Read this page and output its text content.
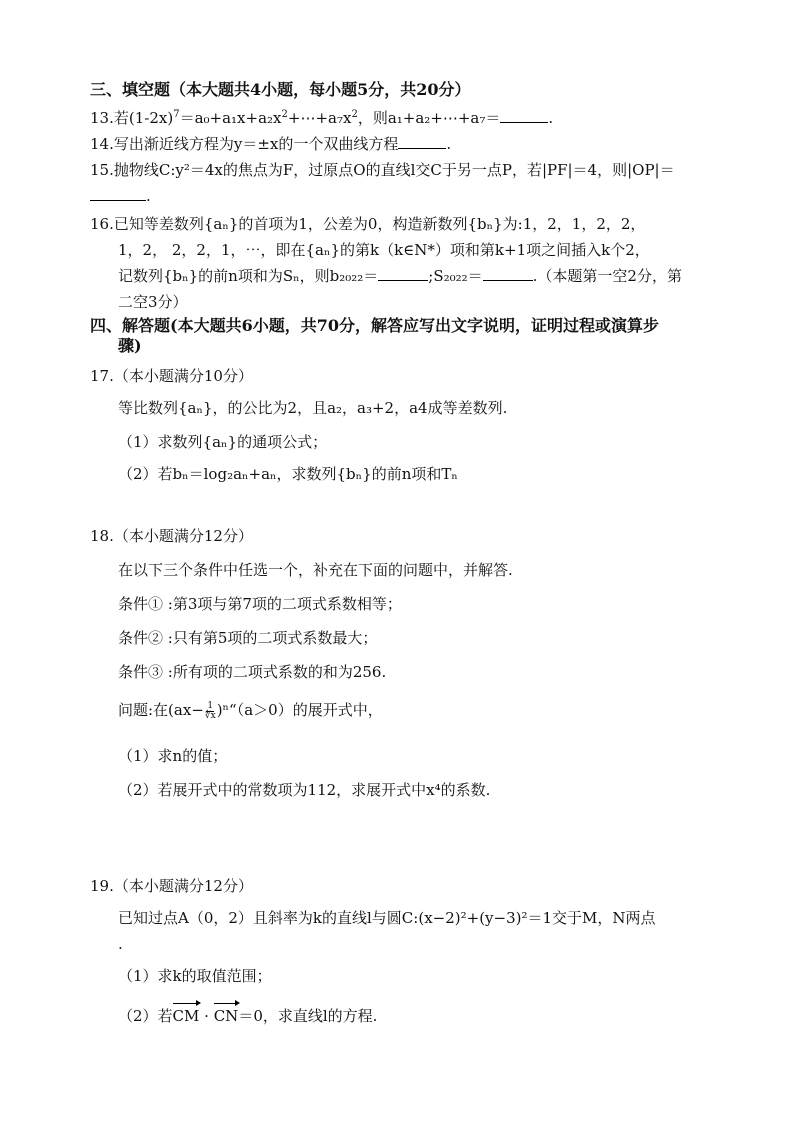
三、填空题（本大题共4小题，每小题5分，共20分）
13.若$(1-2x)^7=a_0+a_1x+a_2x^2+\cdots+a_7x^2$，则a₁+a₂+⋯+a₇＝	.
14.写出渐近线方程为y＝±x的一个双曲线方程	.
15.抛物线C:y²＝4x的焦点为F，过原点O的直线l交C于另一点P，若|PF|＝4，则|OP|＝
.
16.已知等差数列{aₙ}的首项为1，公差为0，构造新数列{bₙ}为:1，2，1，2，2，
1，2， 2，2，1，⋯，即在{aₙ}的第k（k∈N*）项和第k+1项之间插入k个2，
记数列{bₙ}的前n项和为Sₙ，则b₂₀₂₂＝	;S₂₀₂₂＝	.（本题第一空2分，第
二空3分）
四、解答题(本大题共6小题，共70分，解答应写出文字说明，证明过程或演算步
骤)
17.（本小题满分10分）
等比数列{aₙ}，的公比为2，且a₂，a₃+2，a4成等差数列.
（1）求数列{aₙ}的通项公式；
（2）若bₙ＝log₂aₙ+aₙ，求数列{bₙ}的前n项和Tₙ
18.（本小题满分12分）
在以下三个条件中任选一个，补充在下面的问题中，并解答.
条件① :第3项与第7项的二项式系数相等；
条件② :只有第5项的二项式系数最大；
条件③ :所有项的二项式系数的和为256.
问题:在($ax- \frac{1}{∜x}$ )ⁿ“（a＞0）的展开式中，
（1）求n的值；
（2）若展开式中的常数项为112，求展开式中x⁴的系数.
19.（本小题满分12分）
已知过点A（0，2）且斜率为k的直线l与圆C:(x−2)²+(y−3)²＝1交于M，N两点
.
（1）求k的取值范围；
（2）若CM · CN＝0，求直线l的方程.
